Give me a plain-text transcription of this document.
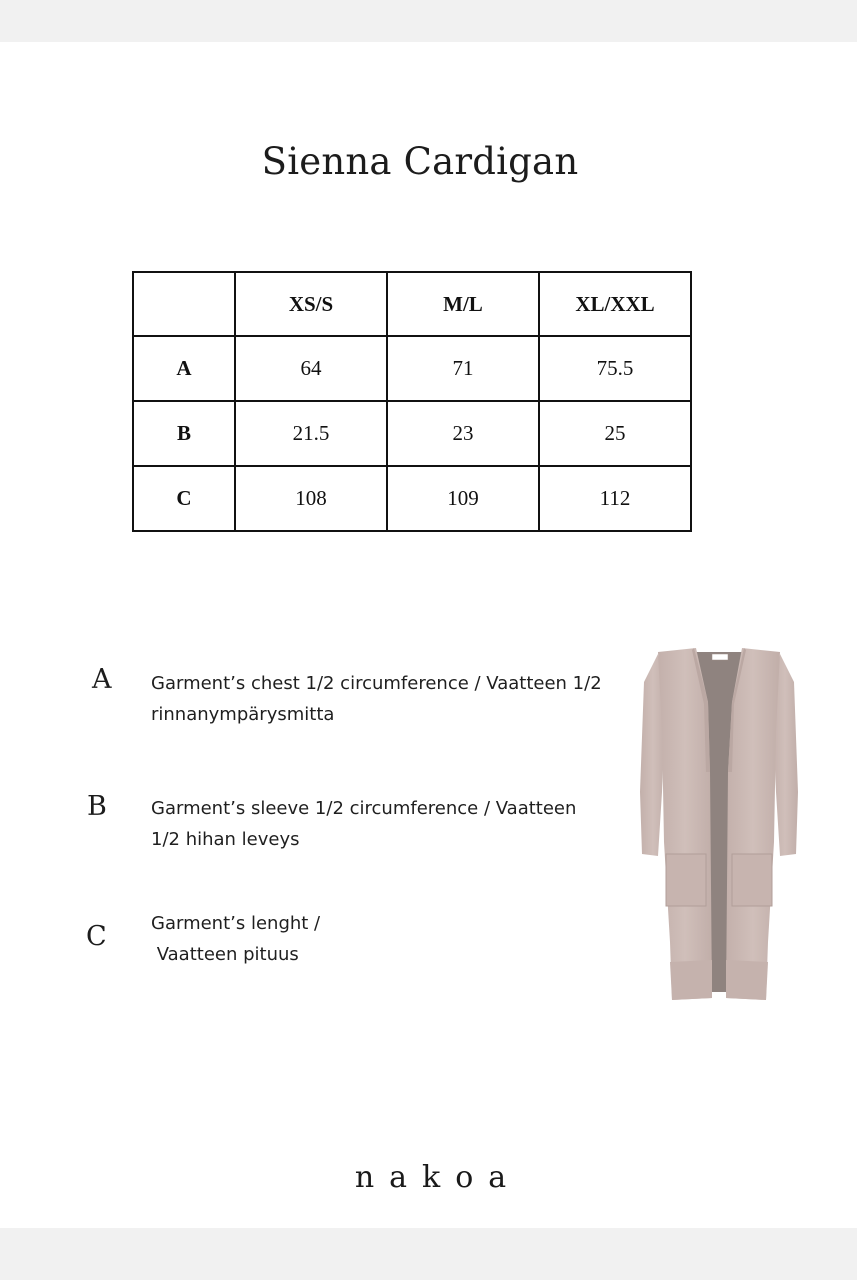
Sienna Cardigan
	XS/S	M/L	XL/XXL
A	64	71	75.5
B	21.5	23	25
C	108	109	112
A Garment’s chest 1/2 circumference / Vaatteen 1/2
rinnanympärysmitta
B Garment’s sleeve 1/2 circumference / Vaatteen
1/2 hihan leveys
C Garment’s lenght /
Vaatteen pituus
nakoa
